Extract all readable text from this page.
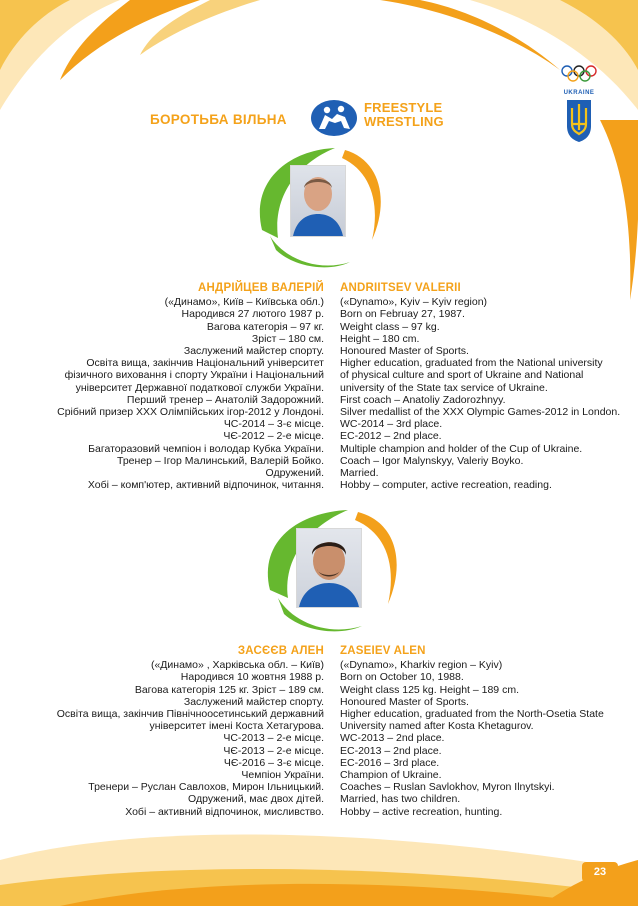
БОРОТЬБА ВІЛЬНА
FREESTYLE
WRESTLING
UKRAINE
АНДРІЙЦЕВ ВАЛЕРІЙ
(«Динамо», Київ – Київська обл.)
Народився 27 лютого 1987 р.
Вагова категорія – 97 кг.
Зріст – 180 см.
Заслужений майстер спорту.
Освіта вища, закінчив Національний університет
фізичного виховання і спорту України і Національний
університет Державної податкової служби України.
Перший тренер – Анатолій Задорожний.
Срібний призер XXX Олімпійських ігор-2012 у Лондоні.
ЧС-2014 – 3-є місце.
ЧЄ-2012 – 2-е місце.
Багаторазовий чемпіон і володар Кубка України.
Тренер – Ігор Малинський, Валерій Бойко.
Одружений.
Хобі – комп'ютер, активний відпочинок, читання.
ANDRIITSEV VALERII
(«Dynamo», Kyiv – Kyiv region)
Born on Februay 27, 1987.
Weight class – 97 kg.
Height – 180 cm.
Honoured Master of Sports.
Higher education, graduated from the National university
of physical culture and sport of Ukraine and National
university of the State tax service of Ukraine.
First coach – Anatoliy Zadorozhnyy.
Silver medallist of the XXX Olympic Games-2012 in London.
WC-2014 – 3rd place.
EC-2012 – 2nd place.
Multiple champion and holder of the Cup of Ukraine.
Coach – Igor Malynskyy, Valeriy Boyko.
Married.
Hobby – computer, active recreation, reading.
ЗАСЄЄВ АЛЕН
(«Динамо» , Харківська обл. – Київ)
Народився 10 жовтня 1988 р.
Вагова категорія 125 кг. Зріст – 189 см.
Заслужений майстер спорту.
Освіта вища, закінчив Північноосетинський державний
університет імені Коста Хетагурова.
ЧС-2013 – 2-е місце.
ЧЄ-2013 – 2-е місце.
ЧЄ-2016 – 3-є місце.
Чемпіон України.
Тренери – Руслан Савлохов, Мирон Ільницький.
Одружений, має двох дітей.
Хобі – активний відпочинок, мисливство.
ZASEIEV ALEN
(«Dynamo», Kharkiv region – Kyiv)
Born on October 10, 1988.
Weight class 125 kg. Height – 189 cm.
Honoured Master of Sports.
Higher education, graduated from the North-Osetia State
University named after Kosta Khetagurov.
WC-2013 – 2nd place.
EC-2013 – 2nd place.
EC-2016 – 3rd place.
Champion of Ukraine.
Coaches – Ruslan Savlokhov, Myron Ilnytskyi.
Married, has two children.
Hobby – active recreation, hunting.
23
